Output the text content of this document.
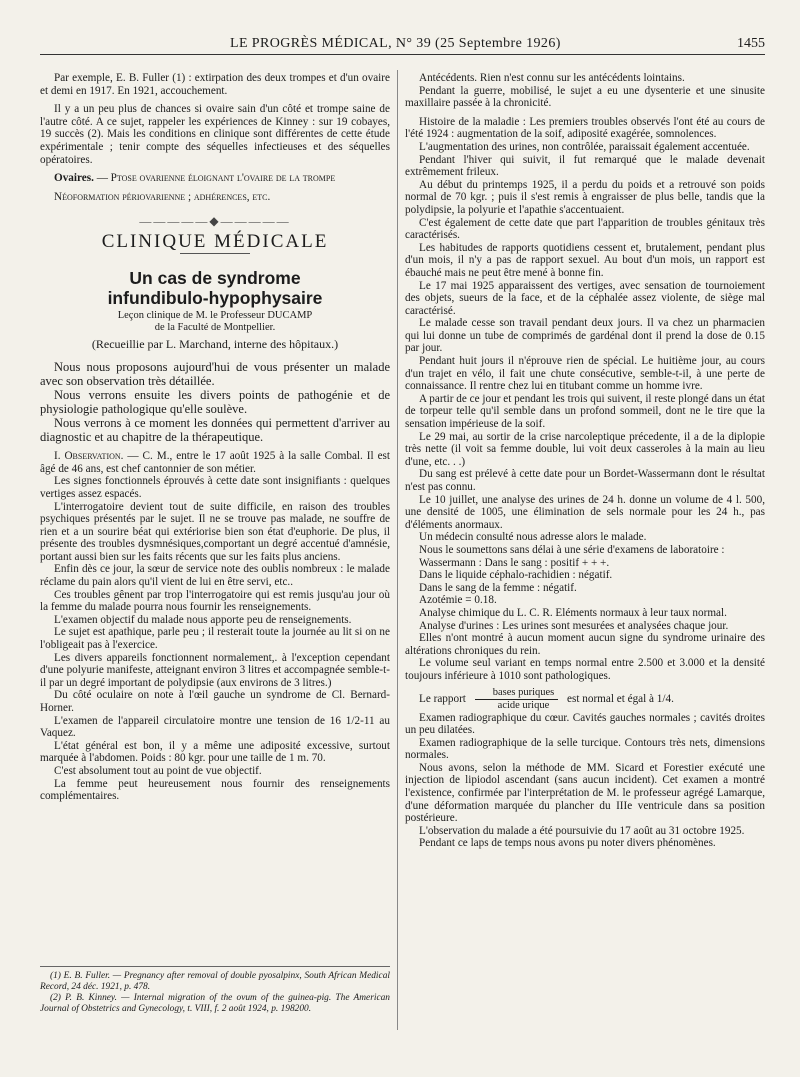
LE PROGRÈS MÉDICAL, N° 39 (25 Septembre 1926)	1455

Par exemple, E. B. Fuller (1) : extirpation des deux trompes et d'un ovaire et demi en 1917. En 1921, accouchement.

Il y a un peu plus de chances si ovaire sain d'un côté et trompe saine de l'autre côté. A ce sujet, rappeler les expériences de Kinney : sur 19 cobayes, 19 succès (2). Mais les conditions en clinique sont différentes de cette étude expérimentale ; tenir compte des séquelles infectieuses et des séquelles opératoires.

Ovaires. — Ptose ovarienne éloignant l'ovaire de la trompe

Néoformation périovarienne ; adhérences, etc.

—————◆—————
CLINIQUE MÉDICALE
Un cas de syndrome
infundibulo-hypophysaire
Leçon clinique de M. le Professeur DUCAMP
de la Faculté de Montpellier.
(Recueillie par L. Marchand, interne des hôpitaux.)

Nous nous proposons aujourd'hui de vous présenter un malade avec son observation très détaillée.

Nous verrons ensuite les divers points de pathogénie et de physiologie pathologique qu'elle soulève.

Nous verrons à ce moment les données qui permettent d'arriver au diagnostic et au chapitre de la thérapeutique.

I. Observation. — C. M., entre le 17 août 1925 à la salle Combal. Il est âgé de 46 ans, est chef cantonnier de son métier.

Les signes fonctionnels éprouvés à cette date sont insignifiants : quelques vertiges assez espacés.

L'interrogatoire devient tout de suite difficile, en raison des troubles psychiques présentés par le sujet. Il ne se trouve pas malade, ne souffre de rien et a un sourire béat qui extériorise bien son état d'euphorie. De plus, il présente des troubles dysmnésiques,comportant un degré accentué d'amnésie, portant aussi bien sur les faits récents que sur les faits plus anciens.

Enfin dès ce jour, la sœur de service note des oublis nombreux : le malade réclame du pain alors qu'il vient de lui en être servi, etc..

Ces troubles gênent par trop l'interrogatoire qui est remis jusqu'au jour où la femme du malade pourra nous fournir les renseignements.

L'examen objectif du malade nous apporte peu de renseignements.

Le sujet est apathique, parle peu ; il resterait toute la journée au lit si on ne l'obligeait pas à l'exercice.

Les divers appareils fonctionnent normalement,. à l'exception cependant d'une polyurie manifeste, atteignant environ 3 litres et accompagnée semble-t-il par un degré important de polydipsie (aux environs de 3 litres.)

Du côté oculaire on note à l'œil gauche un syndrome de Cl. Bernard-Horner.

L'examen de l'appareil circulatoire montre une tension de 16 1/2-11 au Vaquez.

L'état général est bon, il y a même une adiposité excessive, surtout marquée à l'abdomen. Poids : 80 kgr. pour une taille de 1 m. 70.

C'est absolument tout au point de vue objectif.

La femme peut heureusement nous fournir des renseignements complémentaires.

(1) E. B. Fuller. — Pregnancy after removal of double pyosalpinx, South African Medical Record, 24 déc. 1921, p. 478.

(2) P. B. Kinney. — Internal migration of the ovum of the guinea-pig. The American Journal of Obstetrics and Gynecology, t. VIII, f. 2 août 1924, p. 198200.

Antécédents. Rien n'est connu sur les antécédents lointains.

Pendant la guerre, mobilisé, le sujet a eu une dysenterie et une sinusite maxillaire passée à la chronicité.

Histoire de la maladie : Les premiers troubles observés l'ont été au cours de l'été 1924 : augmentation de la soif, adiposité exagérée, somnolences.

L'augmentation des urines, non contrôlée, paraissait également accentuée.

Pendant l'hiver qui suivit, il fut remarqué que le malade devenait extrêmement frileux.

Au début du printemps 1925, il a perdu du poids et a retrouvé son poids normal de 70 kgr. ; puis il s'est remis à engraisser de plus belle, tandis que la polydipsie, la polyurie et l'apathie s'accentuaient.

C'est également de cette date que part l'apparition de troubles génitaux très caractérisés.

Les habitudes de rapports quotidiens cessent et, brutalement, pendant plus d'un mois, il n'y a pas de rapport sexuel. Au bout d'un mois, un rapport est ébauché mais ne peut être mené à bonne fin.

Le 17 mai 1925 apparaissent des vertiges, avec sensation de tournoiement des objets, sueurs de la face, et de la céphalée assez violente, de siège mal caractérisé.

Le malade cesse son travail pendant deux jours. Il va chez un pharmacien qui lui donne un tube de comprimés de gardénal dont il prend la dose de 0.15 par jour.

Pendant huit jours il n'éprouve rien de spécial. Le huitième jour, au cours d'un trajet en vélo, il fait une chute consécutive, semble-t-il, à une perte de connaissance. Il rentre chez lui en titubant comme un homme ivre.

A partir de ce jour et pendant les trois qui suivent, il reste plongé dans un état de torpeur telle qu'il semble dans un profond sommeil, dont ne le tire que la sensation impérieuse de la soif.

Le 29 mai, au sortir de la crise narcoleptique précedente, il a de la diplopie très nette (il voit sa femme double, lui voit deux casseroles à la main au lieu d'une, etc. . .)

Du sang est prélevé à cette date pour un Bordet-Wassermann dont le résultat n'est pas connu.

Le 10 juillet, une analyse des urines de 24 h. donne un volume de 4 l. 500, une densité de 1005, une élimination de sels normale pour les 24 h., pas d'éléments anormaux.

Un médecin consulté nous adresse alors le malade.

Nous le soumettons sans délai à une série d'examens de laboratoire :

Wassermann : Dans le sang : positif + + +.

Dans le liquide céphalo-rachidien : négatif.

Dans le sang de la femme : négatif.

Azotémie = 0.18.

Analyse chimique du L. C. R. Eléments normaux à leur taux normal.

Analyse d'urines : Les urines sont mesurées et analysées chaque jour.

Elles n'ont montré à aucun moment aucun signe du syndrome urinaire des altérations chroniques du rein.

Le volume seul variant en temps normal entre 2.500 et 3.000 et la densité toujours inférieure à 1010 sont pathologiques.

Le rapport $\frac{\text{bases puriques}}{\text{acide urique}}$ est normal et égal à 1/4.

Examen radiographique du cœur. Cavités gauches normales ; cavités droites un peu dilatées.

Examen radiographique de la selle turcique. Contours très nets, dimensions normales.

Nous avons, selon la méthode de MM. Sicard et Forestier exécuté une injection de lipiodol ascendant (sans aucun incident). Cet examen a montré l'existence, confirmée par l'interprétation de M. le professeur agrégé Lamarque, d'une déformation marquée du plancher du IIIe ventricule dans sa position postérieure.

L'observation du malade a été poursuivie du 17 août au 31 octobre 1925.

Pendant ce laps de temps nous avons pu noter divers phénomènes.
